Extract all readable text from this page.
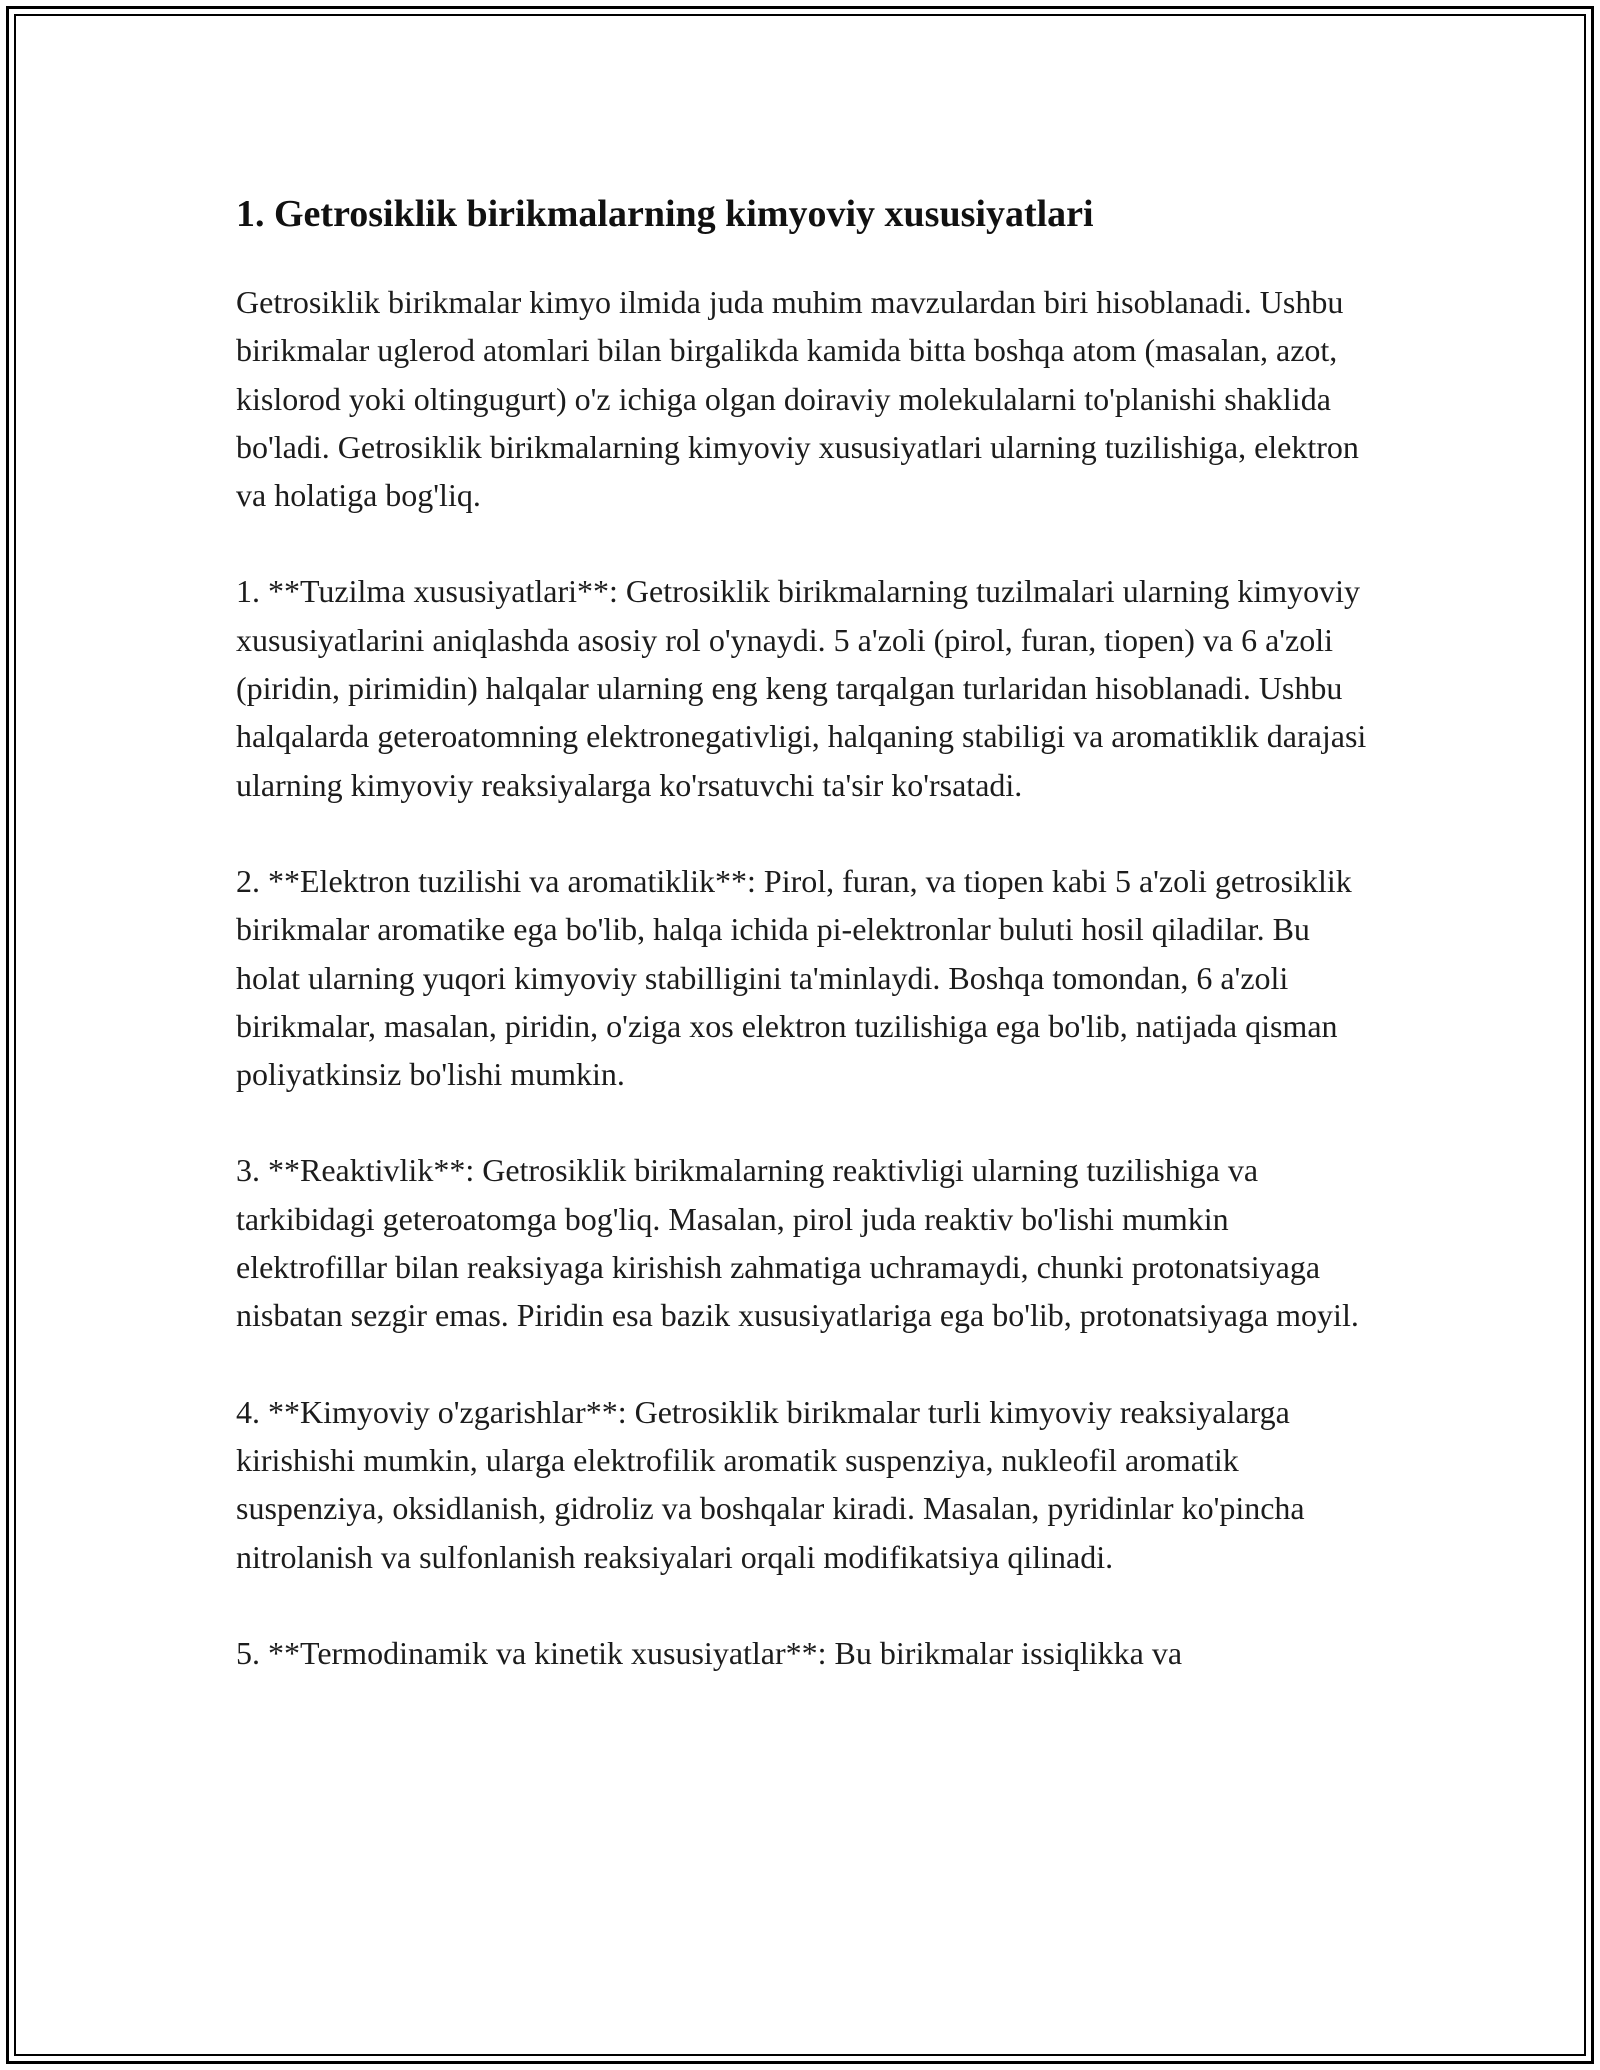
1. Getrosiklik birikmalarning kimyoviy xususiyatlari

Getrosiklik birikmalar kimyo ilmida juda muhim mavzulardan biri hisoblanadi. Ushbu birikmalar uglerod atomlari bilan birgalikda kamida bitta boshqa atom (masalan, azot, kislorod yoki oltingugurt) o'z ichiga olgan doiraviy molekulalarni to'planishi shaklida bo'ladi. Getrosiklik birikmalarning kimyoviy xususiyatlari ularning tuzilishiga, elektron va holatiga bog'liq.

1. **Tuzilma xususiyatlari**: Getrosiklik birikmalarning tuzilmalari ularning kimyoviy xususiyatlarini aniqlashda asosiy rol o'ynaydi. 5 a'zoli (pirol, furan, tiopen) va 6 a'zoli (piridin, pirimidin) halqalar ularning eng keng tarqalgan turlaridan hisoblanadi. Ushbu halqalarda geteroatomning elektronegativligi, halqaning stabiligi va aromatiklik darajasi ularning kimyoviy reaksiyalarga ko'rsatuvchi ta'sir ko'rsatadi.

2. **Elektron tuzilishi va aromatiklik**: Pirol, furan, va tiopen kabi 5 a'zoli getrosiklik birikmalar aromatike ega bo'lib, halqa ichida pi-elektronlar buluti hosil qiladilar. Bu holat ularning yuqori kimyoviy stabilligini ta'minlaydi. Boshqa tomondan, 6 a'zoli birikmalar, masalan, piridin, o'ziga xos elektron tuzilishiga ega bo'lib, natijada qisman poliyatkinsiz bo'lishi mumkin.

3. **Reaktivlik**: Getrosiklik birikmalarning reaktivligi ularning tuzilishiga va tarkibidagi geteroatomga bog'liq. Masalan, pirol juda reaktiv bo'lishi mumkin elektrofillar bilan reaksiyaga kirishish zahmatiga uchramaydi, chunki protonatsiyaga nisbatan sezgir emas. Piridin esa bazik xususiyatlariga ega bo'lib, protonatsiyaga moyil.

4. **Kimyoviy o'zgarishlar**: Getrosiklik birikmalar turli kimyoviy reaksiyalarga kirishishi mumkin, ularga elektrofilik aromatik suspenziya, nukleofil aromatik suspenziya, oksidlanish, gidroliz va boshqalar kiradi. Masalan, pyridinlar ko'pincha nitrolanish va sulfonlanish reaksiyalari orqali modifikatsiya qilinadi.

5. **Termodinamik va kinetik xususiyatlar**: Bu birikmalar issiqlikka va
